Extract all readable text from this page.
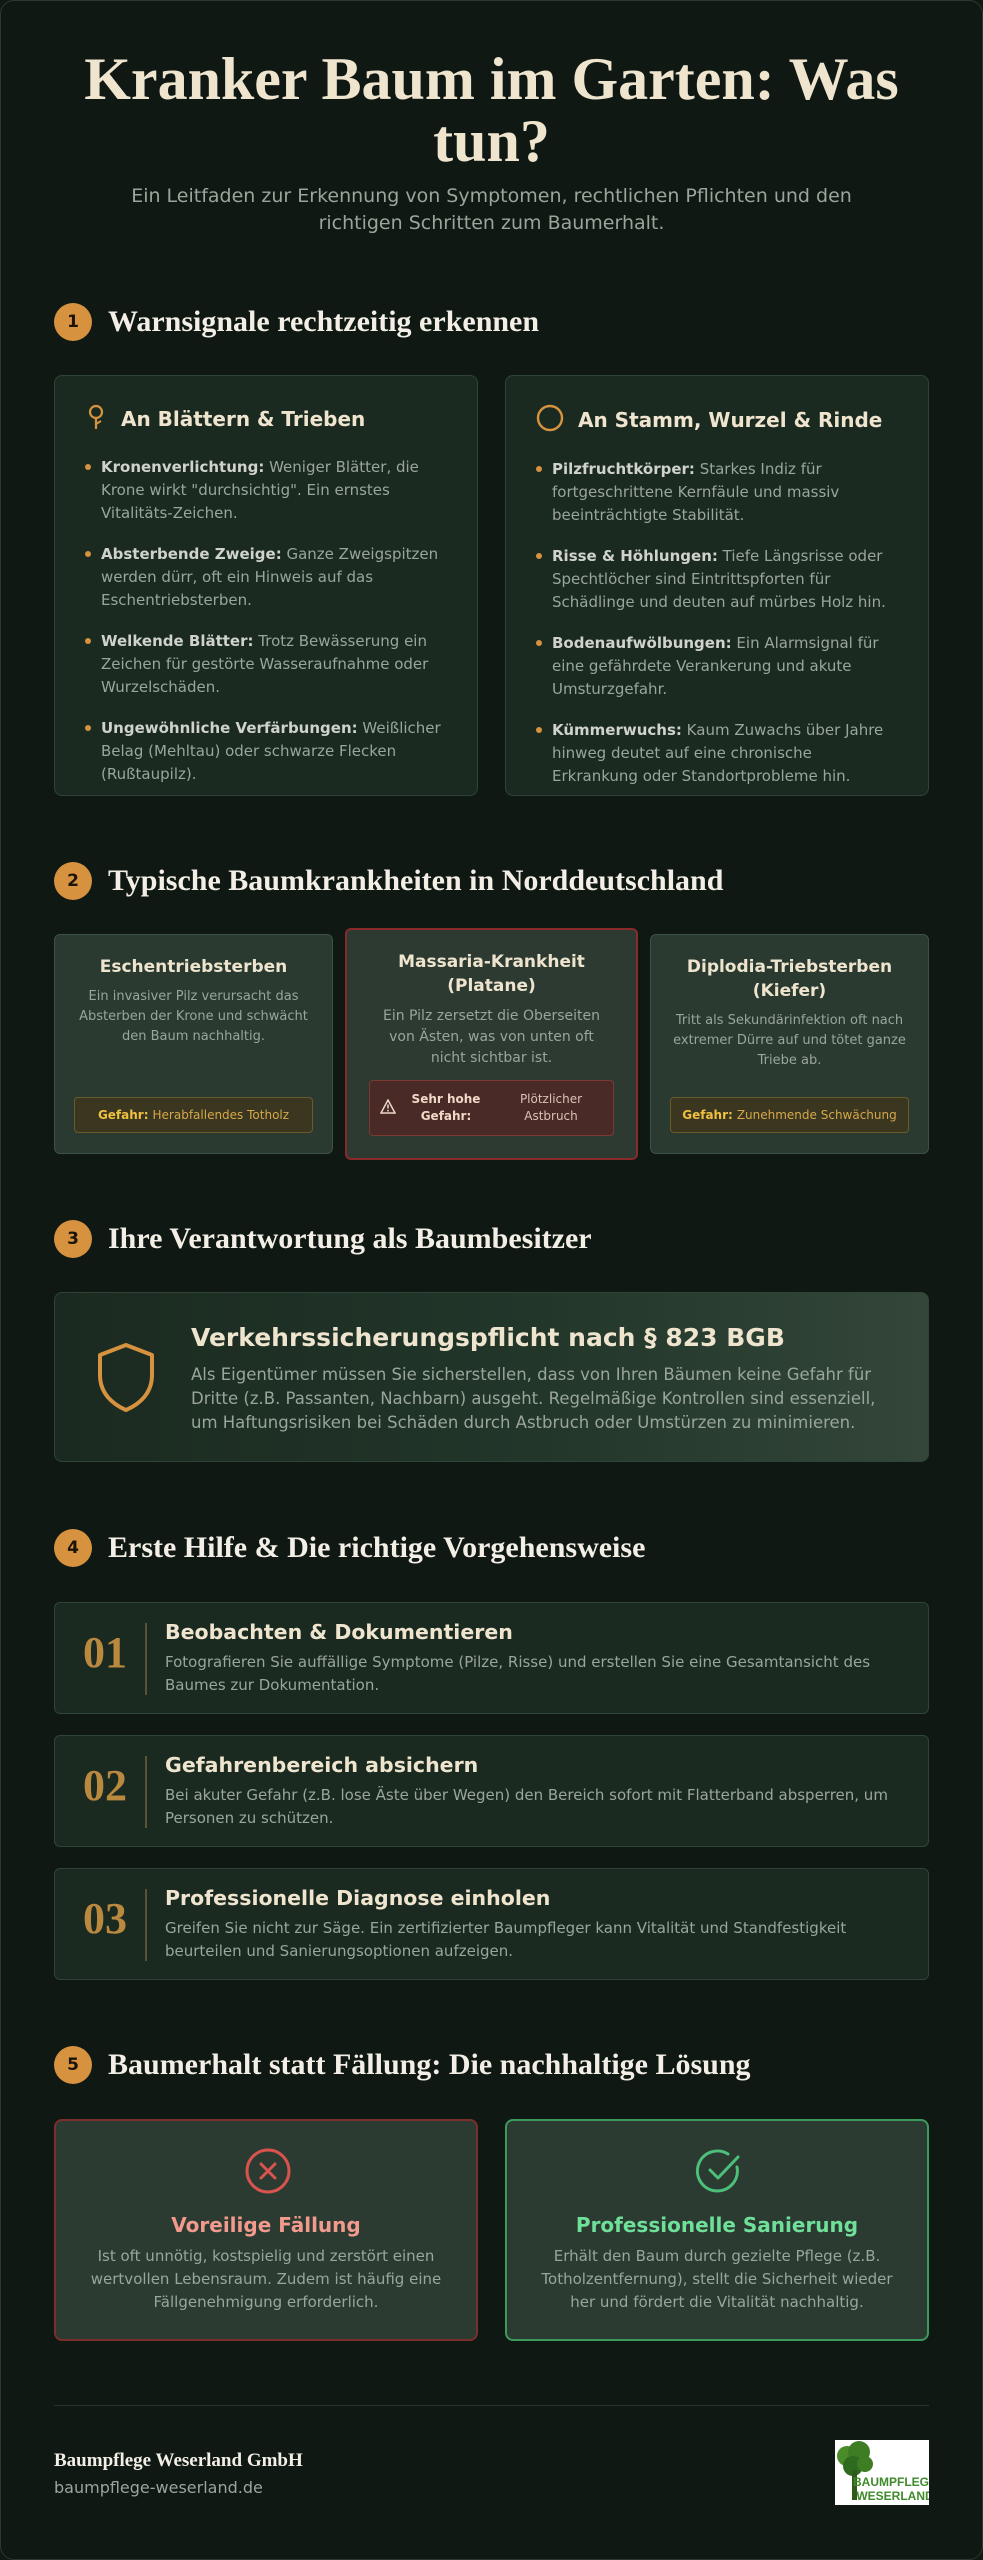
Kranker Baum im Garten: Was tun?
Ein Leitfaden zur Erkennung von Symptomen, rechtlichen Pflichten und den richtigen Schritten zum Baumerhalt.
1 Warnsignale rechtzeitig erkennen
An Blättern & Trieben
Kronenverlichtung: Weniger Blätter, die Krone wirkt "durchsichtig". Ein ernstes Vitalitäts-Zeichen.
Absterbende Zweige: Ganze Zweigspitzen werden dürr, oft ein Hinweis auf das Eschentriebsterben.
Welkende Blätter: Trotz Bewässerung ein Zeichen für gestörte Wasseraufnahme oder Wurzelschäden.
Ungewöhnliche Verfärbungen: Weißlicher Belag (Mehltau) oder schwarze Flecken (Rußtaupilz).
An Stamm, Wurzel & Rinde
Pilzfruchtkörper: Starkes Indiz für fortgeschrittene Kernfäule und massiv beeinträchtigte Stabilität.
Risse & Höhlungen: Tiefe Längsrisse oder Spechtlöcher sind Eintrittspforten für Schädlinge und deuten auf mürbes Holz hin.
Bodenaufwölbungen: Ein Alarmsignal für eine gefährdete Verankerung und akute Umsturzgefahr.
Kümmerwuchs: Kaum Zuwachs über Jahre hinweg deutet auf eine chronische Erkrankung oder Standortprobleme hin.
2 Typische Baumkrankheiten in Norddeutschland
Eschentriebsterben
Ein invasiver Pilz verursacht das Absterben der Krone und schwächt den Baum nachhaltig.
Gefahr: Herabfallendes Totholz
Massaria-Krankheit (Platane)
Ein Pilz zersetzt die Oberseiten von Ästen, was von unten oft nicht sichtbar ist.
Sehr hohe Gefahr:
Plötzlicher Astbruch
Diplodia-Triebsterben (Kiefer)
Tritt als Sekundärinfektion oft nach extremer Dürre auf und tötet ganze Triebe ab.
Gefahr: Zunehmende Schwächung
3 Ihre Verantwortung als Baumbesitzer
Verkehrssicherungspflicht nach § 823 BGB
Als Eigentümer müssen Sie sicherstellen, dass von Ihren Bäumen keine Gefahr für Dritte (z.B. Passanten, Nachbarn) ausgeht. Regelmäßige Kontrollen sind essenziell, um Haftungsrisiken bei Schäden durch Astbruch oder Umstürzen zu minimieren.
4 Erste Hilfe & Die richtige Vorgehensweise
01	Beobachten & Dokumentieren
Fotografieren Sie auffällige Symptome (Pilze, Risse) und erstellen Sie eine Gesamtansicht des Baumes zur Dokumentation.
02	Gefahrenbereich absichern
Bei akuter Gefahr (z.B. lose Äste über Wegen) den Bereich sofort mit Flatterband absperren, um Personen zu schützen.
03	Professionelle Diagnose einholen
Greifen Sie nicht zur Säge. Ein zertifizierter Baumpfleger kann Vitalität und Standfestigkeit beurteilen und Sanierungsoptionen aufzeigen.
5 Baumerhalt statt Fällung: Die nachhaltige Lösung
Voreilige Fällung
Ist oft unnötig, kostspielig und zerstört einen wertvollen Lebensraum. Zudem ist häufig eine Fällgenehmigung erforderlich.
Professionelle Sanierung
Erhält den Baum durch gezielte Pflege (z.B. Totholzentfernung), stellt die Sicherheit wieder her und fördert die Vitalität nachhaltig.
Baumpflege Weserland GmbH
baumpflege-weserland.de	BAUMPFLEGE
WESERLAND
